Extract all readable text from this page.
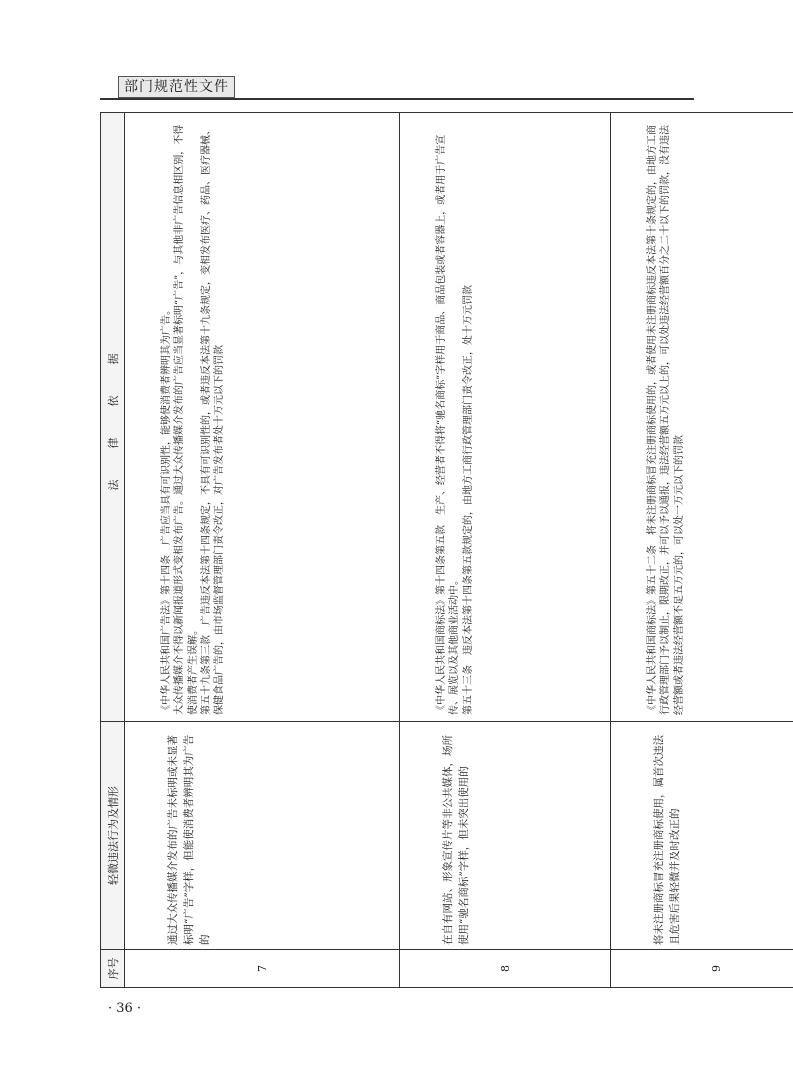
部门规范性文件
序号	轻微违法行为及情形	法　律　依　据
7	通过大众传播媒介发布的广告未标明或未显著标明“广告”字样，但能使消费者辨明其为广告的	《中华人民共和国广告法》第十四条　广告应当具有可识别性，能够使消费者辨明其为广告。 大众传播媒介不得以新闻报道形式变相发布广告。通过大众传播媒介发布的广告应当显著标明“广告”，与其他非广告信息相区别，不得使消费者产生误解。 第五十九条第三款　广告违反本法第十四条规定，不具有可识别性的，或者违反本法第十九条规定，变相发布医疗、药品、医疗器械、保健食品广告的，由市场监督管理部门责令改正，对广告发布者处十万元以下的罚款

8	在自有网站、形象宣传片等非公共媒体，场所使用“驰名商标”字样，但未突出使用的	《中华人民共和国商标法》第十四条第五款　生产、经营者不得将“驰名商标”字样用于商品、商品包装或者容器上，或者用于广告宣传、展览以及其他商业活动中。 第五十三条　违反本法第十四条第五款规定的，由地方工商行政管理部门责令改正，处十万元罚款

9	将未注册商标冒充注册商标使用，属首次违法且危害后果轻微并及时改正的	《中华人民共和国商标法》第五十二条　将未注册商标冒充注册商标使用的，或者使用未注册商标违反本法第十条规定的，由地方工商行政管理部门予以制止，限期改正，并可以予以通报，违法经营额五万元以上的，可以处违法经营额百分之二十以下的罚款，没有违法经营额或者违法经营额不足五万元的，可以处一万元以下的罚款
· 36 ·
